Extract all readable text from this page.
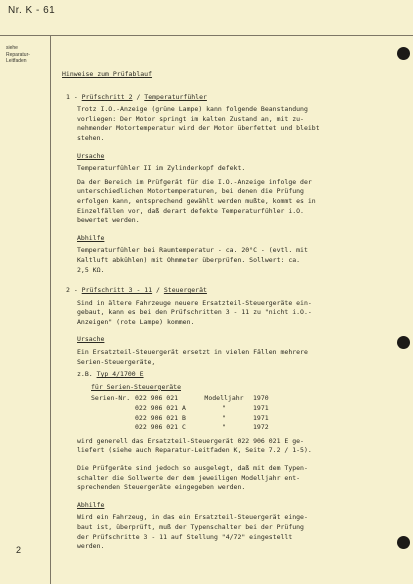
Nr. K - 61
siehe
Reparatur-
Leitfaden
2
Hinweise zum Prüfablauf
1 - Prüfschritt 2 / Temperaturfühler
Trotz I.O.-Anzeige (grüne Lampe) kann folgende Beanstandung
vorliegen: Der Motor springt im kalten Zustand an, mit zu-
nehmender Motortemperatur wird der Motor überfettet und bleibt
stehen.
Ursache
Temperaturfühler II im Zylinderkopf defekt.
Da der Bereich im Prüfgerät für die I.O.-Anzeige infolge der
unterschiedlichen Motortemperaturen, bei denen die Prüfung
erfolgen kann, entsprechend gewählt werden mußte, kommt es in
Einzelfällen vor, daß derart defekte Temperaturfühler i.O.
bewertet werden.
Abhilfe
Temperaturfühler bei Raumtemperatur - ca. 20°C - (evtl. mit
Kaltluft abkühlen) mit Ohmmeter überprüfen. Sollwert: ca.
2,5 KΩ.
2 - Prüfschritt 3 - 11 / Steuergerät
Sind in ältere Fahrzeuge neuere Ersatzteil-Steuergeräte ein-
gebaut, kann es bei den Prüfschritten 3 - 11 zu "nicht i.O.-
Anzeigen" (rote Lampe) kommen.
Ursache
Ein Ersatzteil-Steuergerät ersetzt in vielen Fällen mehrere
Serien-Steuergeräte,
z.B. Typ 4/1700 E
für Serien-Steuergeräte
Serien-Nr. 022 906 021	Modelljahr	1970
022 906 021 A	"	1971
022 906 021 B	"	1971
022 906 021 C	"	1972
wird generell das Ersatzteil-Steuergerät 022 906 021 E ge-
liefert (siehe auch Reparatur-Leitfaden K, Seite 7.2 / 1-5).
Die Prüfgeräte sind jedoch so ausgelegt, daß mit dem Typen-
schalter die Sollwerte der dem jeweiligen Modelljahr ent-
sprechenden Steuergeräte eingegeben werden.
Abhilfe
Wird ein Fahrzeug, in das ein Ersatzteil-Steuergerät einge-
baut ist, überprüft, muß der Typenschalter bei der Prüfung
der Prüfschritte 3 - 11 auf Stellung "4/72" eingestellt
werden.
